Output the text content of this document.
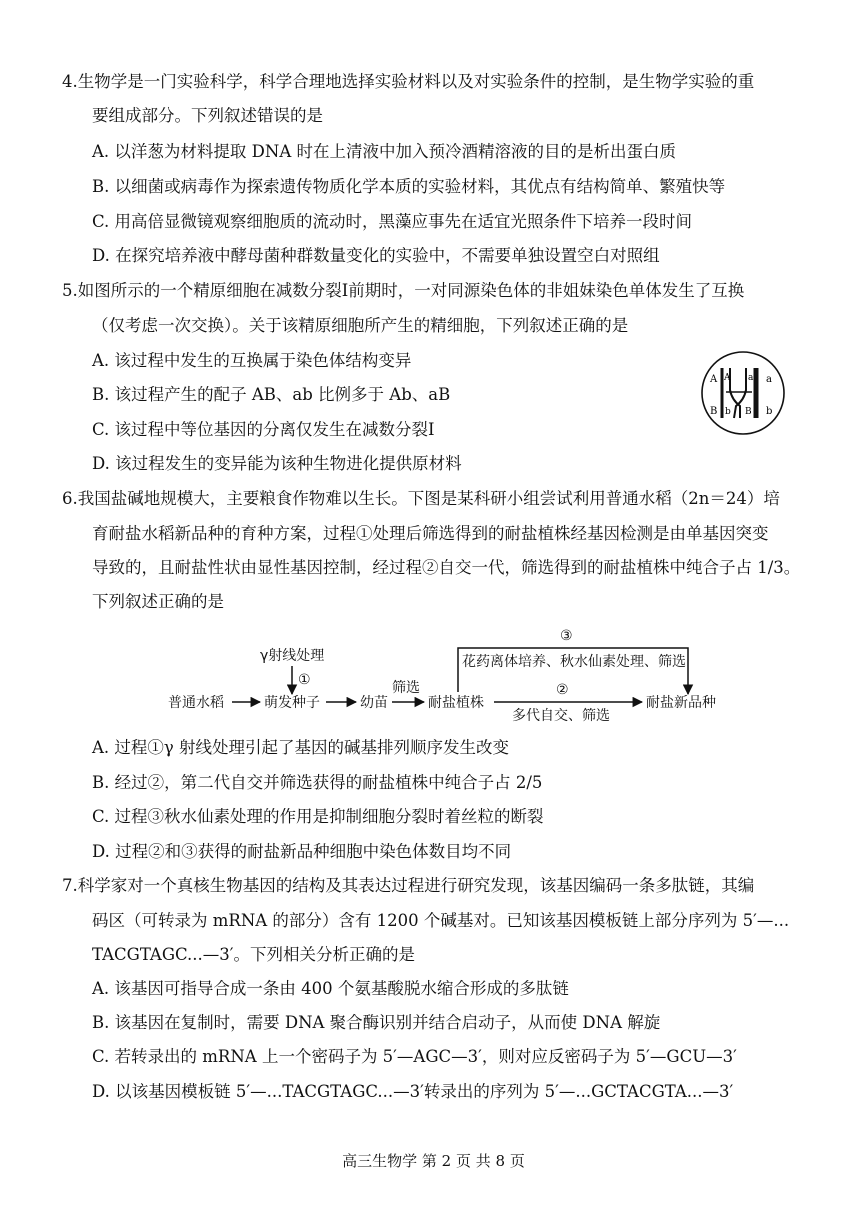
4.生物学是一门实验科学，科学合理地选择实验材料以及对实验条件的控制，是生物学实验的重
要组成部分。下列叙述错误的是
A. 以洋葱为材料提取 DNA 时在上清液中加入预冷酒精溶液的目的是析出蛋白质
B. 以细菌或病毒作为探索遗传物质化学本质的实验材料，其优点有结构简单、繁殖快等
C. 用高倍显微镜观察细胞质的流动时，黑藻应事先在适宜光照条件下培养一段时间
D. 在探究培养液中酵母菌种群数量变化的实验中，不需要单独设置空白对照组
5.如图所示的一个精原细胞在减数分裂Ⅰ前期时，一对同源染色体的非姐妹染色单体发生了互换
（仅考虑一次交换）。关于该精原细胞所产生的精细胞，下列叙述正确的是
A. 该过程中发生的互换属于染色体结构变异
B. 该过程产生的配子 AB、ab 比例多于 Ab、aB
C. 该过程中等位基因的分离仅发生在减数分裂Ⅰ
D. 该过程发生的变异能为该种生物进化提供原材料
A A a a
B b B b
6.我国盐碱地规模大，主要粮食作物难以生长。下图是某科研小组尝试利用普通水稻（2n＝24）培
育耐盐水稻新品种的育种方案，过程①处理后筛选得到的耐盐植株经基因检测是由单基因突变
导致的，且耐盐性状由显性基因控制，经过程②自交一代，筛选得到的耐盐植株中纯合子占 1/3。
下列叙述正确的是
γ射线处理
①
普通水稻	萌发种子	幼苗
筛选
耐盐植株
③
花药离体培养、秋水仙素处理、筛选
②
多代自交、筛选
耐盐新品种
A. 过程①γ 射线处理引起了基因的碱基排列顺序发生改变
B. 经过②，第二代自交并筛选获得的耐盐植株中纯合子占 2/5
C. 过程③秋水仙素处理的作用是抑制细胞分裂时着丝粒的断裂
D. 过程②和③获得的耐盐新品种细胞中染色体数目均不同
7.科学家对一个真核生物基因的结构及其表达过程进行研究发现，该基因编码一条多肽链，其编
码区（可转录为 mRNA 的部分）含有 1200 个碱基对。已知该基因模板链上部分序列为 5′—...
TACGTAGC...—3′。下列相关分析正确的是
A. 该基因可指导合成一条由 400 个氨基酸脱水缩合形成的多肽链
B. 该基因在复制时，需要 DNA 聚合酶识别并结合启动子，从而使 DNA 解旋
C. 若转录出的 mRNA 上一个密码子为 5′—AGC—3′，则对应反密码子为 5′—GCU—3′
D. 以该基因模板链 5′—...TACGTAGC...—3′转录出的序列为 5′—...GCTACGTA...—3′
高三生物学 第 2 页 共 8 页
